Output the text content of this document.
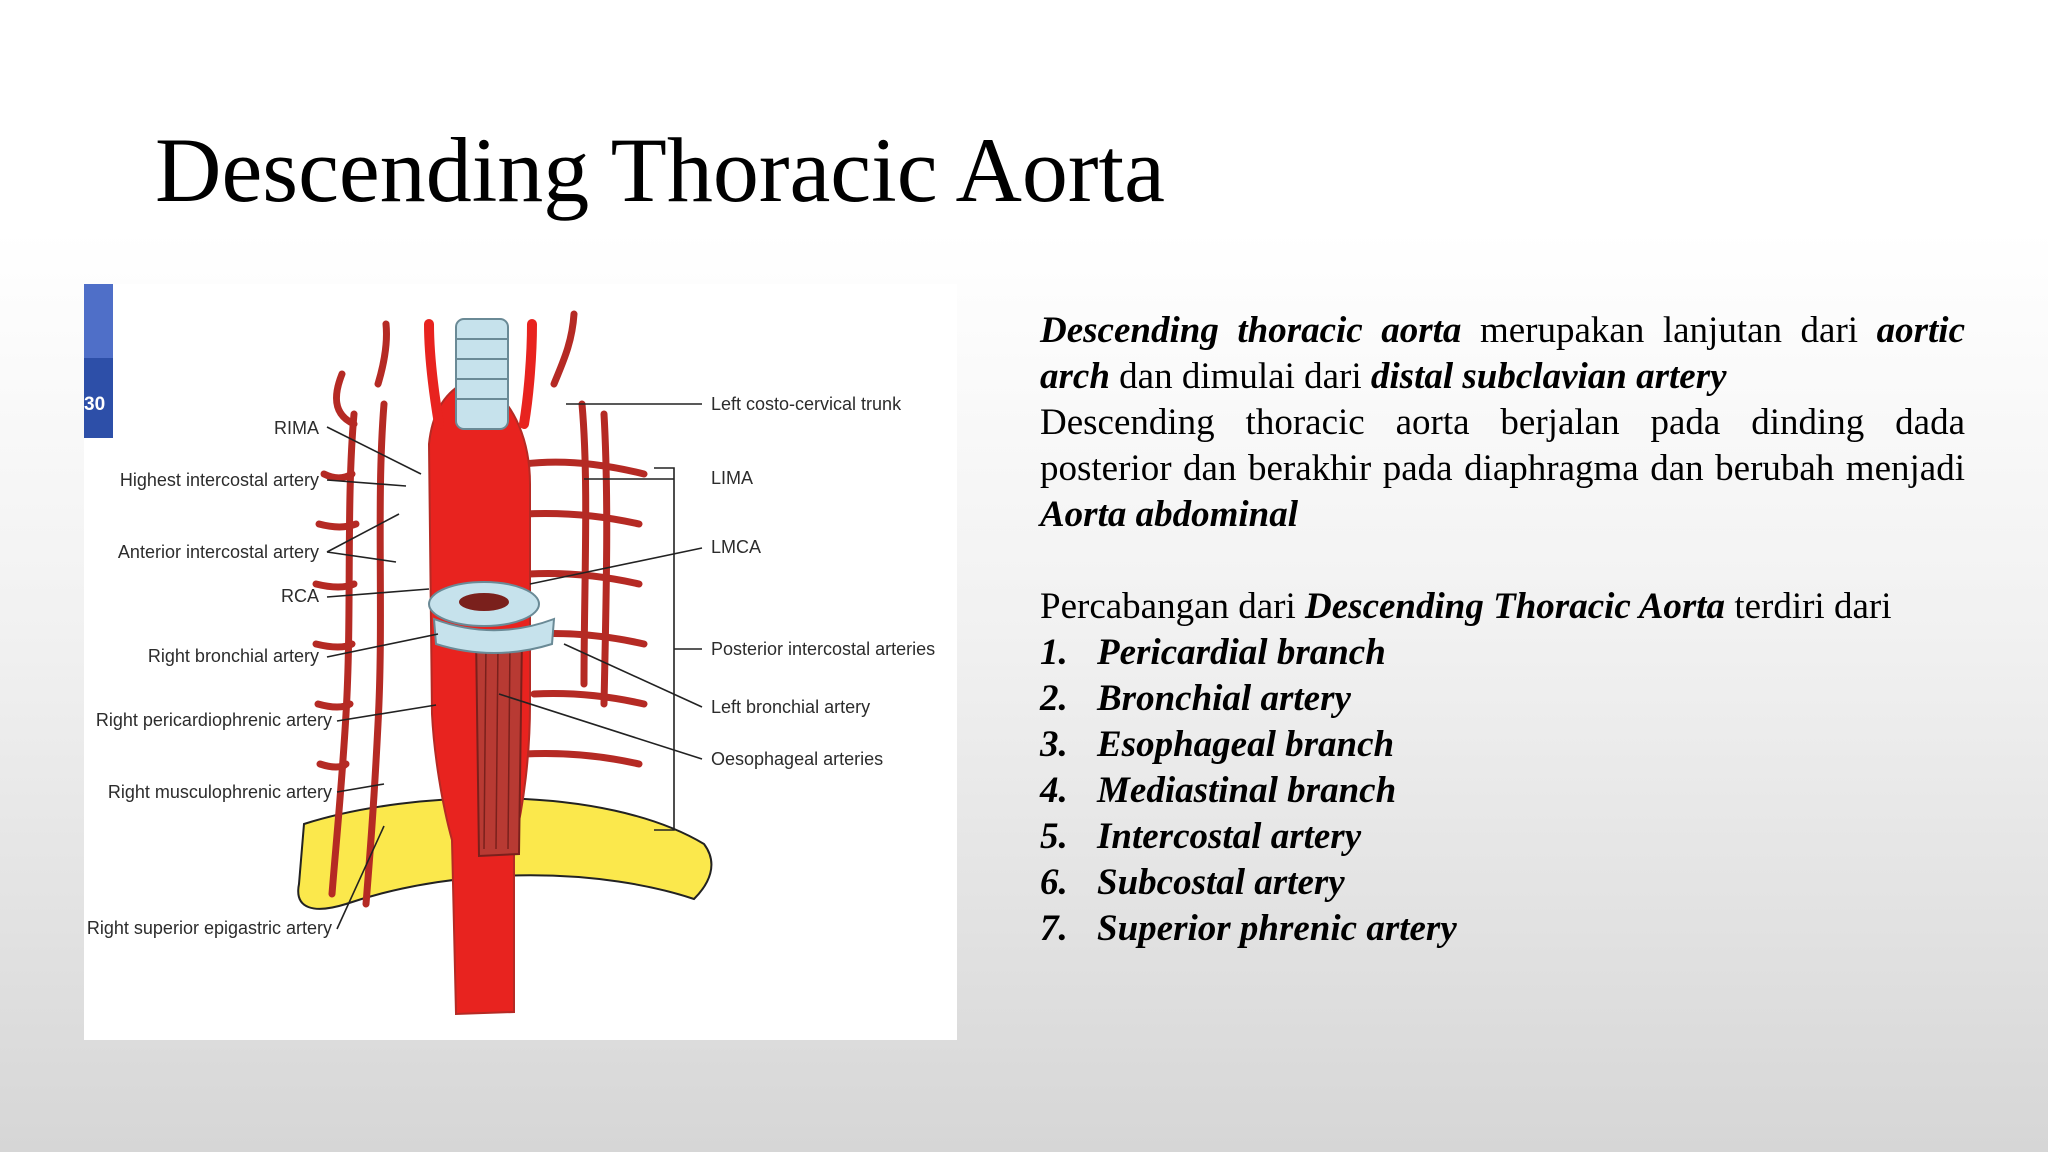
Descending Thoracic Aorta
30
RIMA
Highest intercostal artery
Anterior intercostal artery
RCA
Right bronchial artery
Right pericardiophrenic artery
Right musculophrenic artery
Right superior epigastric artery
Left costo-cervical trunk
LIMA
LMCA
Posterior intercostal arteries
Left bronchial artery
Oesophageal arteries

Descending thoracic aorta merupakan lanjutan dari aortic arch dan dimulai dari distal subclavian artery

Descending thoracic aorta berjalan pada dinding dada posterior dan berakhir pada diaphragma dan berubah menjadi Aorta abdominal

Percabangan dari Descending Thoracic Aorta terdiri dari

1. Pericardial branch
2. Bronchial artery
3. Esophageal branch
4. Mediastinal branch
5. Intercostal artery
6. Subcostal artery
7. Superior phrenic artery
